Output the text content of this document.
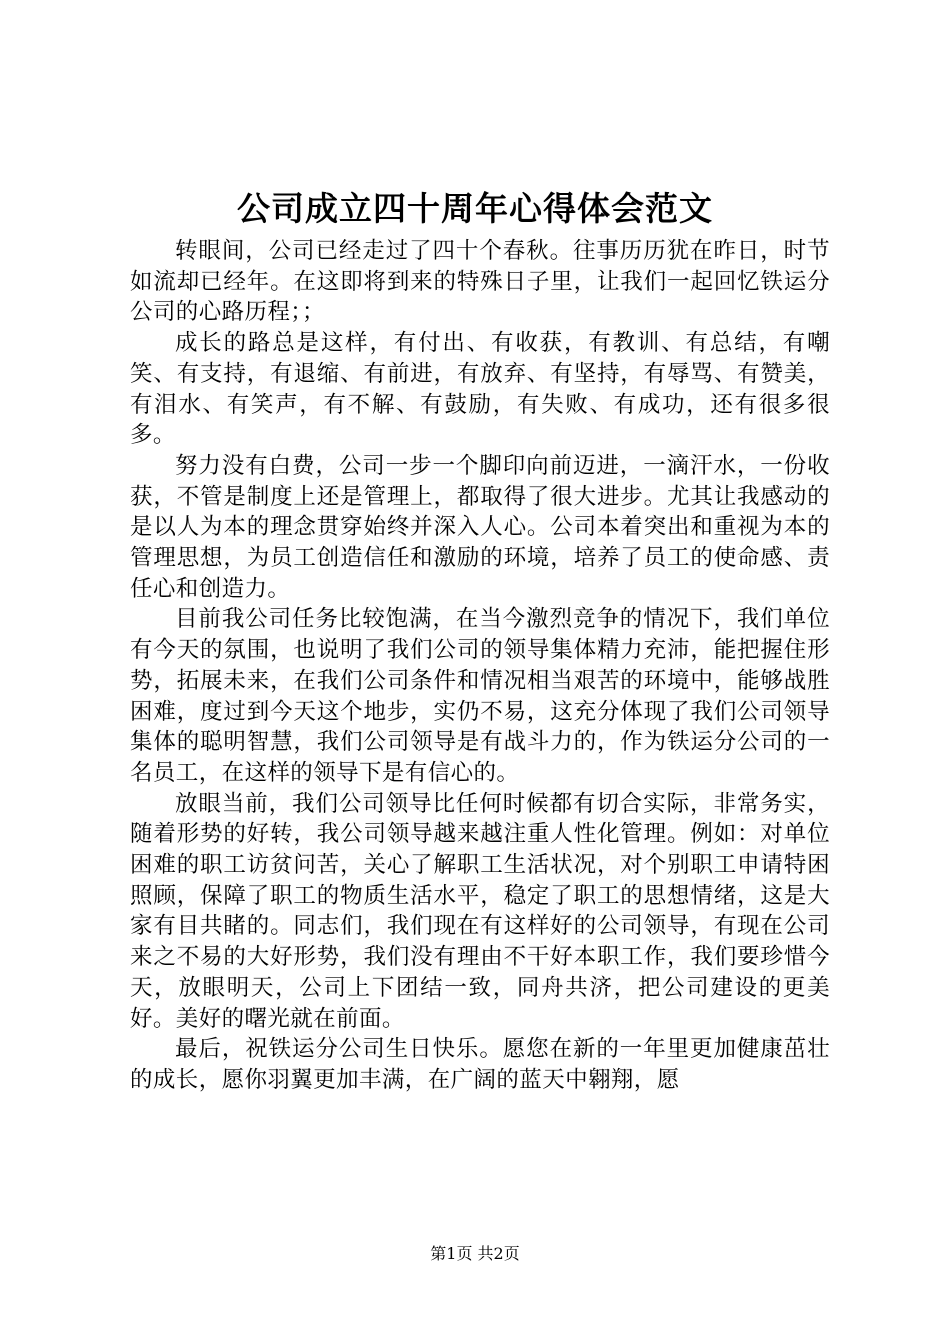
公司成立四十周年心得体会范文

转眼间，公司已经走过了四十个春秋。往事历历犹在昨日，时节如流却已经年。在这即将到来的特殊日子里，让我们一起回忆铁运分公司的心路历程；；

成长的路总是这样，有付出、有收获，有教训、有总结，有嘲笑、有支持，有退缩、有前进，有放弃、有坚持，有辱骂、有赞美，有泪水、有笑声，有不解、有鼓励，有失败、有成功，还有很多很多。

努力没有白费，公司一步一个脚印向前迈进，一滴汗水，一份收获，不管是制度上还是管理上，都取得了很大进步。尤其让我感动的是以人为本的理念贯穿始终并深入人心。公司本着突出和重视为本的管理思想，为员工创造信任和激励的环境，培养了员工的使命感、责任心和创造力。

目前我公司任务比较饱满，在当今激烈竞争的情况下，我们单位有今天的氛围，也说明了我们公司的领导集体精力充沛，能把握住形势，拓展未来，在我们公司条件和情况相当艰苦的环境中，能够战胜困难，度过到今天这个地步，实仍不易，这充分体现了我们公司领导集体的聪明智慧，我们公司领导是有战斗力的，作为铁运分公司的一名员工，在这样的领导下是有信心的。

放眼当前，我们公司领导比任何时候都有切合实际，非常务实，随着形势的好转，我公司领导越来越注重人性化管理。例如：对单位困难的职工访贫问苦，关心了解职工生活状况，对个别职工申请特困照顾，保障了职工的物质生活水平，稳定了职工的思想情绪，这是大家有目共睹的。同志们，我们现在有这样好的公司领导，有现在公司来之不易的大好形势，我们没有理由不干好本职工作，我们要珍惜今天，放眼明天，公司上下团结一致，同舟共济，把公司建设的更美好。美好的曙光就在前面。

最后，祝铁运分公司生日快乐。愿您在新的一年里更加健康茁壮的成长，愿你羽翼更加丰满，在广阔的蓝天中翱翔，愿

第1页 共2页
